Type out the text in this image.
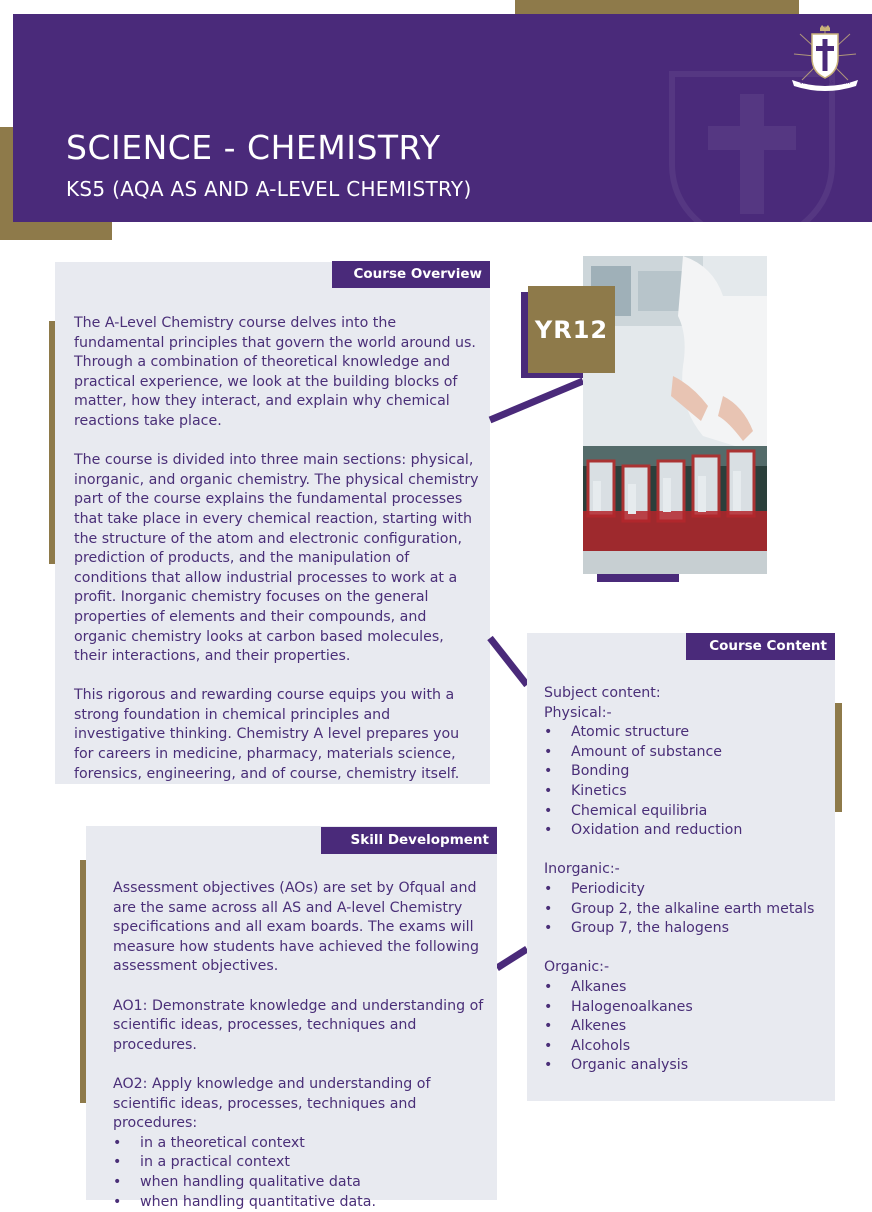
SCIENCE - CHEMISTRY
KS5 (AQA AS AND A-LEVEL CHEMISTRY)
VIA · VERITAS · VITA
Course Overview

The A-Level Chemistry course delves into the fundamental principles that govern the world around us. Through a combination of theoretical knowledge and practical experience, we look at the building blocks of matter, how they interact, and explain why chemical reactions take place.

The course is divided into three main sections: physical, inorganic, and organic chemistry. The physical chemistry part of the course explains the fundamental processes that take place in every chemical reaction, starting with the structure of the atom and electronic configuration, prediction of products, and the manipulation of conditions that allow industrial processes to work at a profit. Inorganic chemistry focuses on the general properties of elements and their compounds, and organic chemistry looks at carbon based molecules, their interactions, and their properties.

This rigorous and rewarding course equips you with a strong foundation in chemical principles and investigative thinking. Chemistry A level prepares you for careers in medicine, pharmacy, materials science, forensics, engineering, and of course, chemistry itself.

YR12
Course Content
Subject content:
Physical:-
• Atomic structure
• Amount of substance
• Bonding
• Kinetics
• Chemical equilibria
• Oxidation and reduction
Inorganic:-
• Periodicity
• Group 2, the alkaline earth metals
• Group 7, the halogens
Organic:-
• Alkanes
• Halogenoalkanes
• Alkenes
• Alcohols
• Organic analysis
Skill Development

Assessment objectives (AOs) are set by Ofqual and are the same across all AS and A-level Chemistry specifications and all exam boards. The exams will measure how students have achieved the following assessment objectives.

AO1: Demonstrate knowledge and understanding of scientific ideas, processes, techniques and procedures.

AO2: Apply knowledge and understanding of scientific ideas, processes, techniques and procedures:
• in a theoretical context
• in a practical context
• when handling qualitative data
• when handling quantitative data.
